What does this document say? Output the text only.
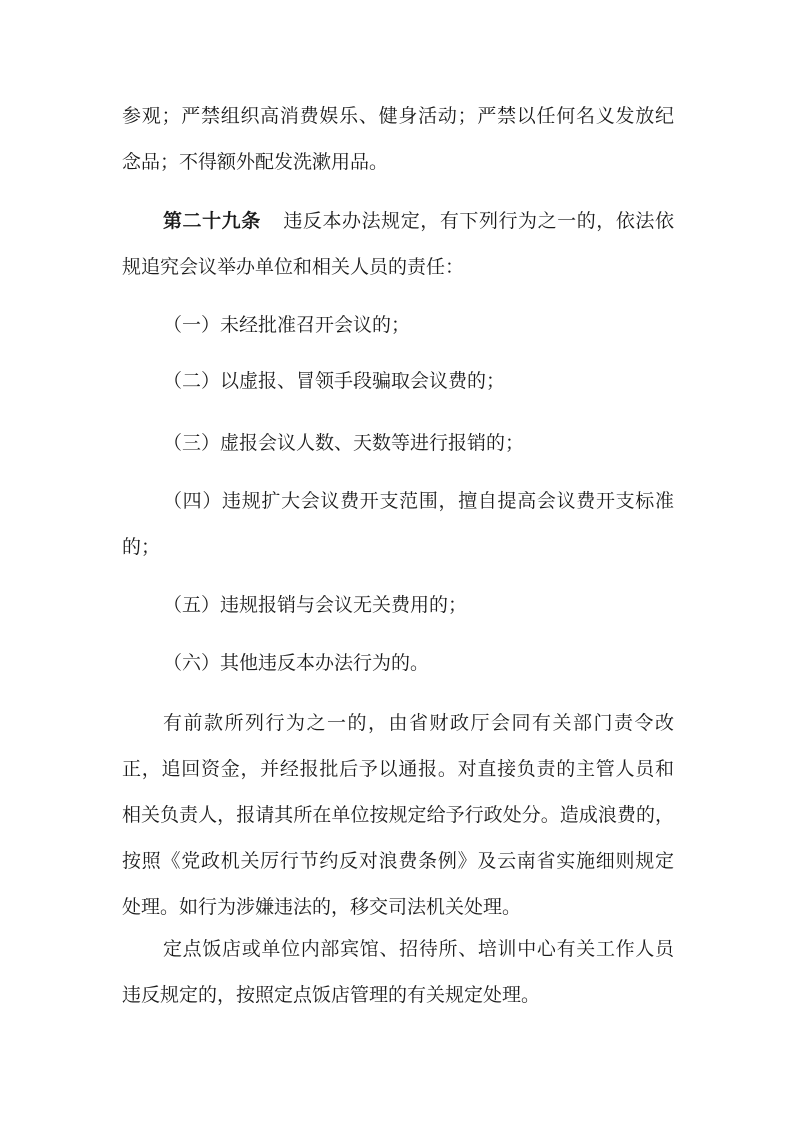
参观；严禁组织高消费娱乐、健身活动；严禁以任何名义发放纪
念品；不得额外配发洗漱用品。

第二十九条 违反本办法规定，有下列行为之一的，依法依
规追究会议举办单位和相关人员的责任：

（一）未经批准召开会议的；

（二）以虚报、冒领手段骗取会议费的；

（三）虚报会议人数、天数等进行报销的；

（四）违规扩大会议费开支范围，擅自提高会议费开支标准
的；

（五）违规报销与会议无关费用的；

（六）其他违反本办法行为的。

有前款所列行为之一的，由省财政厅会同有关部门责令改
正，追回资金，并经报批后予以通报。对直接负责的主管人员和
相关负责人，报请其所在单位按规定给予行政处分。造成浪费的，
按照《党政机关厉行节约反对浪费条例》及云南省实施细则规定
处理。如行为涉嫌违法的，移交司法机关处理。

定点饭店或单位内部宾馆、招待所、培训中心有关工作人员
违反规定的，按照定点饭店管理的有关规定处理。
